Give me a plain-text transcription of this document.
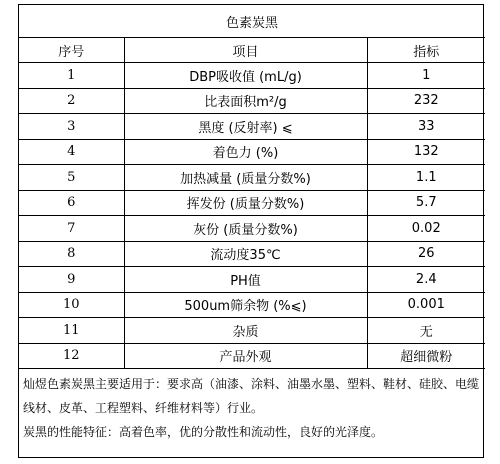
色素炭黑		
序号	项目	指标
1	DBP吸收值 (mL/g)	1
2	比表面积m²/g	232
3	黑度 (反射率) ⩽	33
4	着色力 (%)	132
5	加热减量 (质量分数%)	1.1
6	挥发份 (质量分数%)	5.7
7	灰份 (质量分数%)	0.02
8	流动度35℃	26
9	PH值	2.4
10	500um筛余物 (%⩽)	0.001
11	杂质	无
12	产品外观	超细微粉

灿煜色素炭黑主要适用于：要求高（油漆、涂料、油墨水墨、塑料、鞋材、硅胶、电缆线材、皮革、工程塑料、纤维材料等）行业。

炭黑的性能特征：高着色率，优的分散性和流动性，良好的光泽度。
